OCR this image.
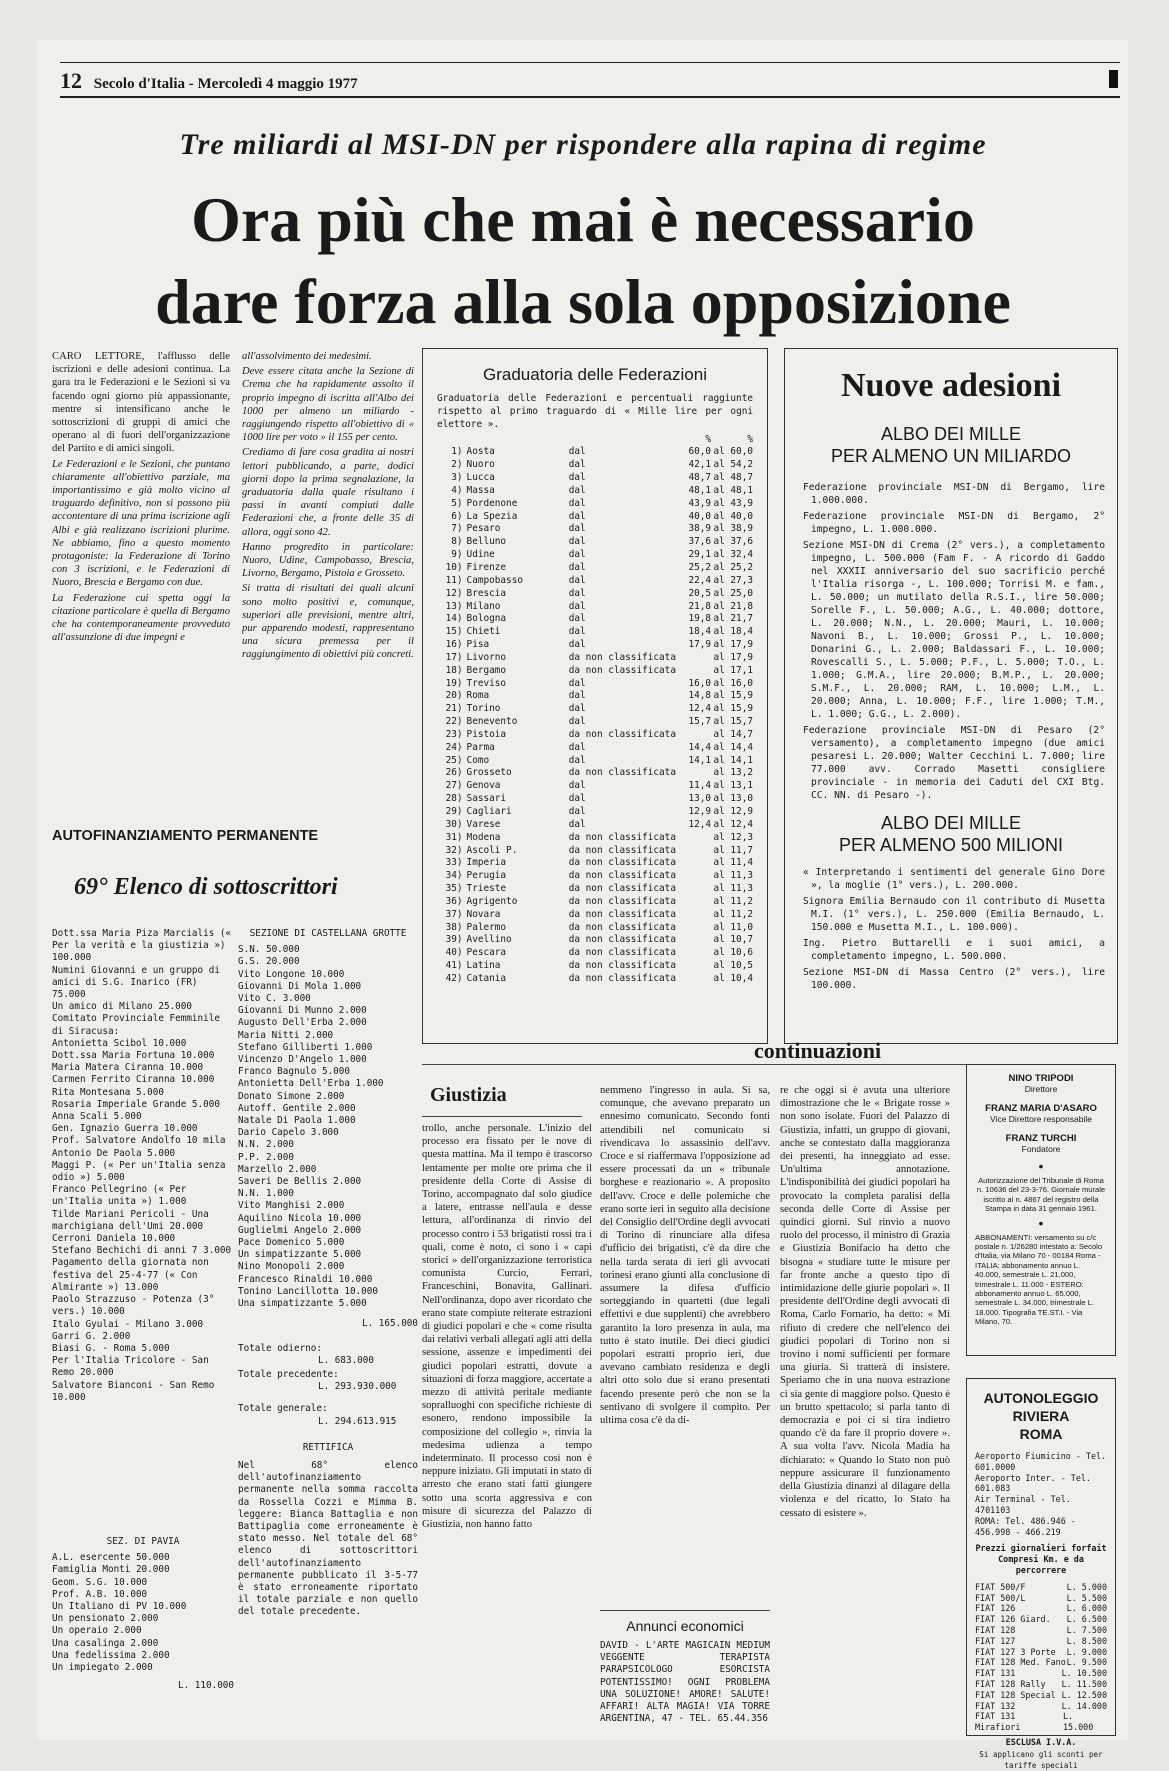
12 Secolo d'Italia - Mercoledì 4 maggio 1977
Tre miliardi al MSI-DN per rispondere alla rapina di regime
Ora più che mai è necessario
dare forza alla sola opposizione

CARO LETTORE, l'afflusso delle iscrizioni e delle adesioni continua. La gara tra le Federazioni e le Sezioni si va facendo ogni giorno più appassionante, mentre si intensificano anche le sottoscrizioni di gruppi di amici che operano al di fuori dell'organizzazione del Partito e di amici singoli.

Le Federazioni e le Sezioni, che puntano chiaramente all'obiettivo parziale, ma importantissimo e già molto vicino al traguardo definitivo, non si possono più accontentare di una prima iscrizione agli Albi e già realizzano iscrizioni plurime. Ne abbiamo, fino a questo momento protagoniste: la Federazione di Torino con 3 iscrizioni, e le Federazioni di Nuoro, Brescia e Bergamo con due.

La Federazione cui spetta oggi la citazione particolare è quella di Bergamo che ha contemporaneamente provveduto all'assunzione di due impegni e

all'assolvimento dei medesimi.

Deve essere citata anche la Sezione di Crema che ha rapidamente assolto il proprio impegno di iscritta all'Albo dei 1000 per almeno un miliardo - raggiungendo rispetto all'obiettivo di « 1000 lire per voto » il 155 per cento.

Crediamo di fare cosa gradita ai nostri lettori pubblicando, a parte, dodici giorni dopo la prima segnalazione, la graduatoria dalla quale risultano i passi in avanti compiuti dalle Federazioni che, a fronte delle 35 di allora, oggi sono 42.

Hanno progredito in particolare: Nuoro, Udine, Campobasso, Brescia, Livorno, Bergamo, Pistoia e Grosseto.

Si tratta di risultati dei quali alcuni sono molto positivi e, comunque, superiori alle previsioni, mentre altri, pur apparendo modesti, rappresentano una sicura premessa per il raggiungimento di obiettivi più concreti.

Graduatoria delle Federazioni
Graduatoria delle Federazioni e percentuali raggiunte rispetto al primo traguardo di « Mille lire per ogni elettore ».
%	%
1) Aosta	dal	60,0 al 60,0
2) Nuoro	dal	42,1 al 54,2
3) Lucca	dal	48,7 al 48,7
4) Massa	dal	48,1 al 48,1
5) Pordenone	dal	43,9 al 43,9
6) La Spezia	dal	40,0 al 40,0
7) Pesaro	dal	38,9 al 38,9
8) Belluno	dal	37,6 al 37,6
9) Udine	dal	29,1 al 32,4
10) Firenze	dal	25,2 al 25,2
11) Campobasso	dal	22,4 al 27,3
12) Brescia	dal	20,5 al 25,0
13) Milano	dal	21,8 al 21,8
14) Bologna	dal	19,8 al 21,7
15) Chieti	dal	18,4 al 18,4
16) Pisa	dal	17,9 al 17,9
17) Livorno	da non classificata	al 17,9
18) Bergamo	da non classificata	al 17,1
19) Treviso	dal	16,0 al 16,0
20) Roma	dal	14,8 al 15,9
21) Torino	dal	12,4 al 15,9
22) Benevento	dal	15,7 al 15,7
23) Pistoia	da non classificata	al 14,7
24) Parma	dal	14,4 al 14,4
25) Como	dal	14,1 al 14,1
26) Grosseto	da non classificata	al 13,2
27) Genova	dal	11,4 al 13,1
28) Sassari	dal	13,0 al 13,0
29) Cagliari	dal	12,9 al 12,9
30) Varese	dal	12,4 al 12,4
31) Modena	da non classificata	al 12,3
32) Ascoli P.	da non classificata	al 11,7
33) Imperia	da non classificata	al 11,4
34) Perugia	da non classificata	al 11,3
35) Trieste	da non classificata	al 11,3
36) Agrigento	da non classificata	al 11,2
37) Novara	da non classificata	al 11,2
38) Palermo	da non classificata	al 11,0
39) Avellino	da non classificata	al 10,7
40) Pescara	da non classificata	al 10,6
41) Latina	da non classificata	al 10,5
42) Catania	da non classificata	al 10,4
Nuove adesioni
ALBO DEI MILLE
PER ALMENO UN MILIARDO

Federazione provinciale MSI-DN di Bergamo, lire 1.000.000.

Federazione provinciale MSI-DN di Bergamo, 2° impegno, L. 1.000.000.

Sezione MSI-DN di Crema (2° vers.), a completamento impegno, L. 500.000 (Fam F. - A ricordo di Gaddo nel XXXII anniversario del suo sacrificio perché l'Italia risorga -, L. 100.000; Torrisi M. e fam., L. 50.000; un mutilato della R.S.I., lire 50.000; Sorelle F., L. 50.000; A.G., L. 40.000; dottore, L. 20.000; N.N., L. 20.000; Mauri, L. 10.000; Navoni B., L. 10.000; Grossi P., L. 10.000; Donarini G., L. 2.000; Baldassari F., L. 10.000; Rovescalli S., L. 5.000; P.F., L. 5.000; T.O., L. 1.000; G.M.A., lire 20.000; B.M.P., L. 20.000; S.M.F., L. 20.000; RAM, L. 10.000; L.M., L. 20.000; Anna, L. 10.000; F.F., lire 1.000; T.M., L. 1.000; G.G., L. 2.000).

Federazione provinciale MSI-DN di Pesaro (2° versamento), a completamento impegno (due amici pesaresi L. 20.000; Walter Cecchini L. 7.000; lire 77.000 avv. Corrado Masetti consigliere provinciale - in memoria dei Caduti del CXI Btg. CC. NN. di Pesaro -).

ALBO DEI MILLE
PER ALMENO 500 MILIONI

« Interpretando i sentimenti del generale Gino Dore », la moglie (1° vers.), L. 200.000.

Signora Emilia Bernaudo con il contributo di Musetta M.I. (1° vers.), L. 250.000 (Emilia Bernaudo, L. 150.000 e Musetta M.I., L. 100.000).

Ing. Pietro Buttarelli e i suoi amici, a completamento impegno, L. 500.000.

Sezione MSI-DN di Massa Centro (2° vers.), lire 100.000.

AUTOFINANZIAMENTO PERMANENTE
69° Elenco di sottoscrittori
Dott.ssa Maria Piza Marcialis (« Per la verità e la giustizia ») 100.000
Numini Giovanni e un gruppo di amici di S.G. Inarico (FR) 75.000
Un amico di Milano 25.000
Comitato Provinciale Femminile di Siracusa:
Antonietta Scibol 10.000
Dott.ssa Maria Fortuna 10.000
Maria Matera Ciranna 10.000
Carmen Ferrito Ciranna 10.000
Rita Montesana 5.000
Rosaria Imperiale Grande 5.000
Anna Scali 5.000
Gen. Ignazio Guerra 10.000
Prof. Salvatore Andolfo 10 mila
Antonio De Paola 5.000
Maggi P. (« Per un'Italia senza odio ») 5.000
Franco Pellegrino (« Per un'Italia unita ») 1.000
Tilde Mariani Pericoli - Una marchigiana dell'Umi 20.000
Cerroni Daniela 10.000
Stefano Bechichi di anni 7 3.000
Pagamento della giornata non festiva del 25-4-77 (« Con Almirante ») 13.000
Paolo Strazzuso - Potenza (3° vers.) 10.000
Italo Gyulai - Milano 3.000
Garri G. 2.000
Biasi G. - Roma 5.000
Per l'Italia Tricolore - San Remo 20.000
Salvatore Bianconi - San Remo 10.000
SEZ. DI PAVIA
A.L. esercente 50.000
Famiglia Monti 20.000
Geom. S.G. 10.000
Prof. A.B. 10.000
Un Italiano di PV 10.000
Un pensionato 2.000
Un operaio 2.000
Una casalinga 2.000
Una fedelissima 2.000
Un impiegato 2.000
L. 110.000
SEZIONE DI CASTELLANA GROTTE
S.N. 50.000
G.S. 20.000
Vito Longone 10.000
Giovanni Di Mola 1.000
Vito C. 3.000
Giovanni Di Munno 2.000
Augusto Dell'Erba 2.000
Maria Nitti 2.000
Stefano Gilliberti 1.000
Vincenzo D'Angelo 1.000
Franco Bagnulo 5.000
Antonietta Dell'Erba 1.000
Donato Simone 2.000
Autoff. Gentile 2.000
Natale Di Paola 1.000
Dario Capelo 3.000
N.N. 2.000
P.P. 2.000
Marzello 2.000
Saveri De Bellis 2.000
N.N. 1.000
Vito Manghisi 2.000
Aquilino Nicola 10.000
Guglielmi Angelo 2.000
Pace Domenico 5.000
Un simpatizzante 5.000
Nino Monopoli 2.000
Francesco Rinaldi 10.000
Tonino Lancillotta 10.000
Una simpatizzante 5.000
L. 165.000
Totale odierno:
L. 683.000
Totale precedente:
L. 293.930.000
Totale generale:
L. 294.613.915
RETTIFICA
Nel 68° elenco dell'autofinanziamento permanente nella somma raccolta da Rossella Cozzi e Mimma B. leggere: Bianca Battaglia e non Battipaglia come erroneamente è stato messo. Nel totale del 68° elenco di sottoscrittori dell'autofinanziamento permanente pubblicato il 3-5-77 è stato erroneamente riportato il totale parziale e non quello del totale precedente.
continuazioni
Giustizia
trollo, anche personale. L'inizio del processo era fissato per le nove di questa mattina. Ma il tempo è trascorso lentamente per molte ore prima che il presidente della Corte di Assise di Torino, accompagnato dal solo giudice a latere, entrasse nell'aula e desse lettura, all'ordinanza di rinvio del processo contro i 53 brigatisti rossi tra i quali, come è noto, ci sono i « capi storici » dell'organizzazione terroristica comunista Curcio, Ferrari, Franceschini, Bonavita, Gallinari. Nell'ordinanza, dopo aver ricordato che erano state compiute reiterate estrazioni di giudici popolari e che « come risulta dai relativi verbali allegati agli atti della sessione, assenze e impedimenti dei giudici popolari estratti, dovute a situazioni di forza maggiore, accertate a mezzo di attività peritale mediante sopralluoghi con specifiche richieste di esonero, rendono impossibile la composizione del collegio », rinvia la medesima udienza a tempo indeterminato. Il processo così non è neppure iniziato. Gli imputati in stato di arresto che erano stati fatti giungere sotto una scorta aggressiva e con misure di sicurezza del Palazzo di Giustizia, non hanno fatto
nemmeno l'ingresso in aula. Si sa, comunque, che avevano preparato un ennesimo comunicato. Secondo fonti attendibili nel comunicato si rivendicava lo assassinio dell'avv. Croce e si riaffermava l'opposizione ad essere processati da un « tribunale borghese e reazionario ». A proposito dell'avv. Croce e delle polemiche che erano sorte ieri in seguito alla decisione del Consiglio dell'Ordine degli avvocati di Torino di rinunciare alla difesa d'ufficio dei brigatisti, c'è da dire che nella tarda serata di ieri gli avvocati torinesi erano giunti alla conclusione di assumere la difesa d'ufficio sorteggiando in quartetti (due legali effettivi e due supplenti) che avrebbero garantito la loro presenza in aula, ma tutto è stato inutile. Dei dieci giudici popolari estratti proprio ieri, due avevano cambiato residenza e degli altri otto solo due si erano presentati facendo presente però che non se la sentivano di svolgere il compito. Per ultima cosa c'è da di-
Annunci economici
DAVID - L'ARTE MAGICAIN MEDIUM VEGGENTE TERAPISTA PARAPSICOLOGO ESORCISTA POTENTISSIMO! OGNI PROBLEMA UNA SOLUZIONE! AMORE! SALUTE! AFFARI! ALTA MAGIA! VIA TORRE ARGENTINA, 47 - TEL. 65.44.356
re che oggi si è avuta una ulteriore dimostrazione che le « Brigate rosse » non sono isolate. Fuori del Palazzo di Giustizia, infatti, un gruppo di giovani, anche se contestato dalla maggioranza dei presenti, ha inneggiato ad esse. Un'ultima annotazione. L'indisponibilità dei giudici popolari ha provocato la completa paralisi della seconda delle Corte di Assise per quindici giorni. Sul rinvio a nuovo ruolo del processo, il ministro di Grazia e Giustizia Bonifacio ha detto che bisogna « studiare tutte le misure per far fronte anche a questo tipo di intimidazione delle giurie popolari ». Il presidente dell'Ordine degli avvocati di Roma, Carlo Fornario, ha detto: « Mi rifiuto di credere che nell'elenco dei giudici popolari di Torino non si trovino i nomi sufficienti per formare una giuria. Si tratterà di insistere. Speriamo che in una nuova estrazione ci sia gente di maggiore polso. Questo è un brutto spettacolo; si parla tanto di democrazia e poi ci si tira indietro quando c'è da fare il proprio dovere ». A sua volta l'avv. Nicola Madia ha dichiarato: « Quando lo Stato non può neppure assicurare il funzionamento della Giustizia dinanzi al dilagare della violenza e del ricatto, lo Stato ha cessato di esistere ».
NINO TRIPODI
Direttore
FRANZ MARIA D'ASARO
Vice Direttore responsabile
FRANZ TURCHI
Fondatore
●
Autorizzazione del Tribunale di Roma n. 10636 del 23-3-76. Giornale murale iscritto al n. 4867 del registro della Stampa in data 31 gennaio 1961.
●
ABBONAMENTI: versamento su c/c postale n. 1/26280 intestato a: Secolo d'Italia, via Milano 70 - 00184 Roma - ITALIA: abbonamento annuo L. 40.000, semestrale L. 21.000, trimestrale L. 11.000 - ESTERO: abbonamento annuo L. 65.000, semestrale L. 34.000, trimestrale L. 18.000. Tipografia TE.ST.I. - Via Milano, 70.
AUTONOLEGGIO
RIVIERA
ROMA
Aeroporto Fiumicino - Tel. 601.0000
Aeroporto Inter. - Tel. 601.083
Air Terminal - Tel. 4701103
ROMA: Tel. 486.946 - 456.998 - 466.219
Prezzi giornalieri forfait
Compresi Km. e da percorrere
FIAT 500/F	L. 5.000
FIAT 500/L	L. 5.500
FIAT 126	L. 6.000
FIAT 126 Giard. L. 6.500
FIAT 128	L. 7.500
FIAT 127	L. 8.500
FIAT 127 3 Porte L. 9.000
FIAT 128 Med. Fano L. 9.500
FIAT 131	L. 10.500
FIAT 128 Rally L. 11.500
FIAT 128 Special L. 12.500
FIAT 132	L. 14.000
FIAT 131 Mirafiori
L. 15.000
ESCLUSA I.V.A.
Si applicano gli sconti per tariffe speciali
